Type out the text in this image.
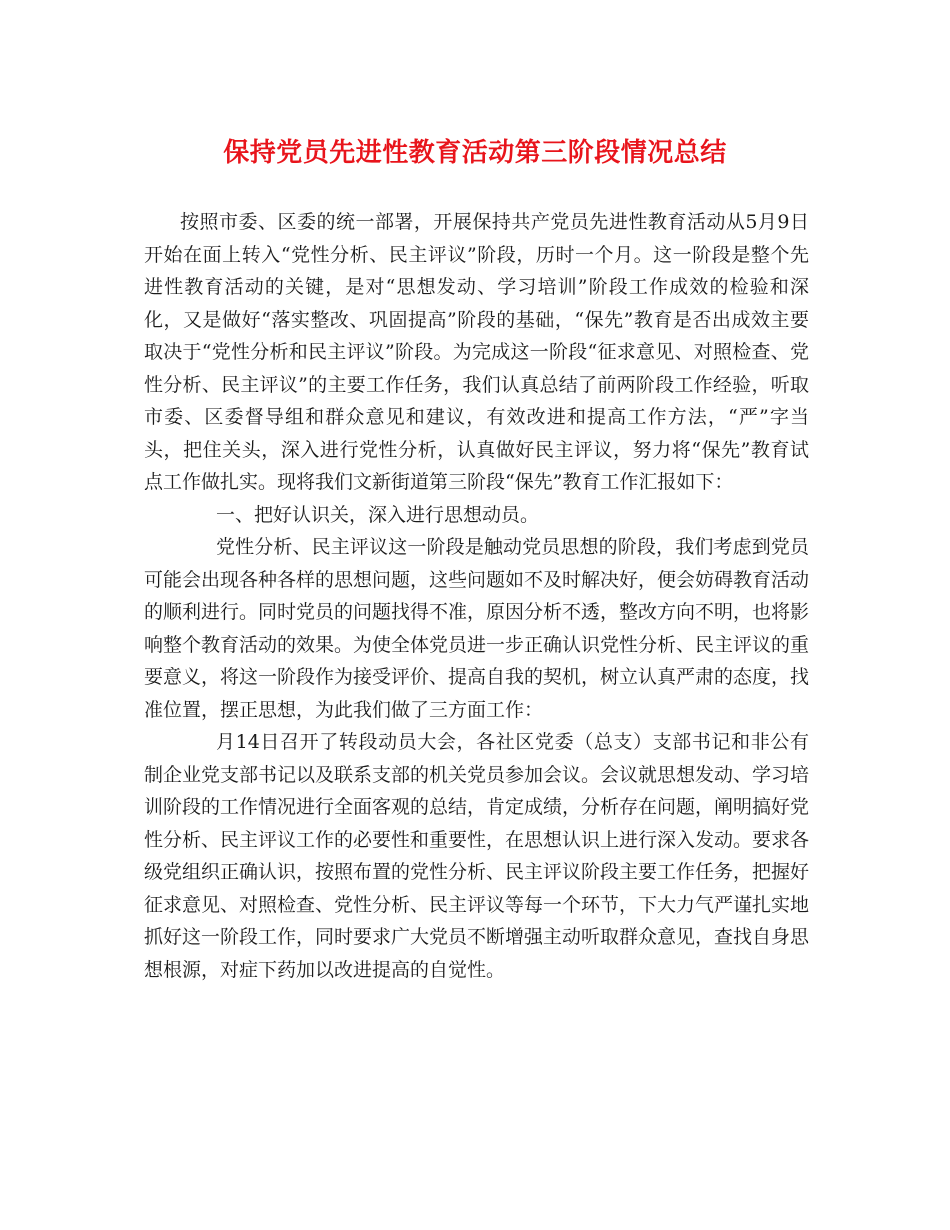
保持党员先进性教育活动第三阶段情况总结

按照市委、区委的统一部署，开展保持共产党员先进性教育活动从5月9日开始在面上转入“党性分析、民主评议”阶段，历时一个月。这一阶段是整个先进性教育活动的关键，是对“思想发动、学习培训”阶段工作成效的检验和深化，又是做好“落实整改、巩固提高”阶段的基础，“保先”教育是否出成效主要取决于“党性分析和民主评议”阶段。为完成这一阶段“征求意见、对照检查、党性分析、民主评议”的主要工作任务，我们认真总结了前两阶段工作经验，听取市委、区委督导组和群众意见和建议，有效改进和提高工作方法，“严”字当头，把住关头，深入进行党性分析，认真做好民主评议，努力将“保先”教育试点工作做扎实。现将我们文新街道第三阶段“保先”教育工作汇报如下：

一、把好认识关，深入进行思想动员。

党性分析、民主评议这一阶段是触动党员思想的阶段，我们考虑到党员可能会出现各种各样的思想问题，这些问题如不及时解决好，便会妨碍教育活动的顺利进行。同时党员的问题找得不准，原因分析不透，整改方向不明，也将影响整个教育活动的效果。为使全体党员进一步正确认识党性分析、民主评议的重要意义，将这一阶段作为接受评价、提高自我的契机，树立认真严肃的态度，找准位置，摆正思想，为此我们做了三方面工作：

月14日召开了转段动员大会，各社区党委（总支）支部书记和非公有制企业党支部书记以及联系支部的机关党员参加会议。会议就思想发动、学习培训阶段的工作情况进行全面客观的总结，肯定成绩，分析存在问题，阐明搞好党性分析、民主评议工作的必要性和重要性，在思想认识上进行深入发动。要求各级党组织正确认识，按照布置的党性分析、民主评议阶段主要工作任务，把握好征求意见、对照检查、党性分析、民主评议等每一个环节，下大力气严谨扎实地抓好这一阶段工作，同时要求广大党员不断增强主动听取群众意见，查找自身思想根源，对症下药加以改进提高的自觉性。
